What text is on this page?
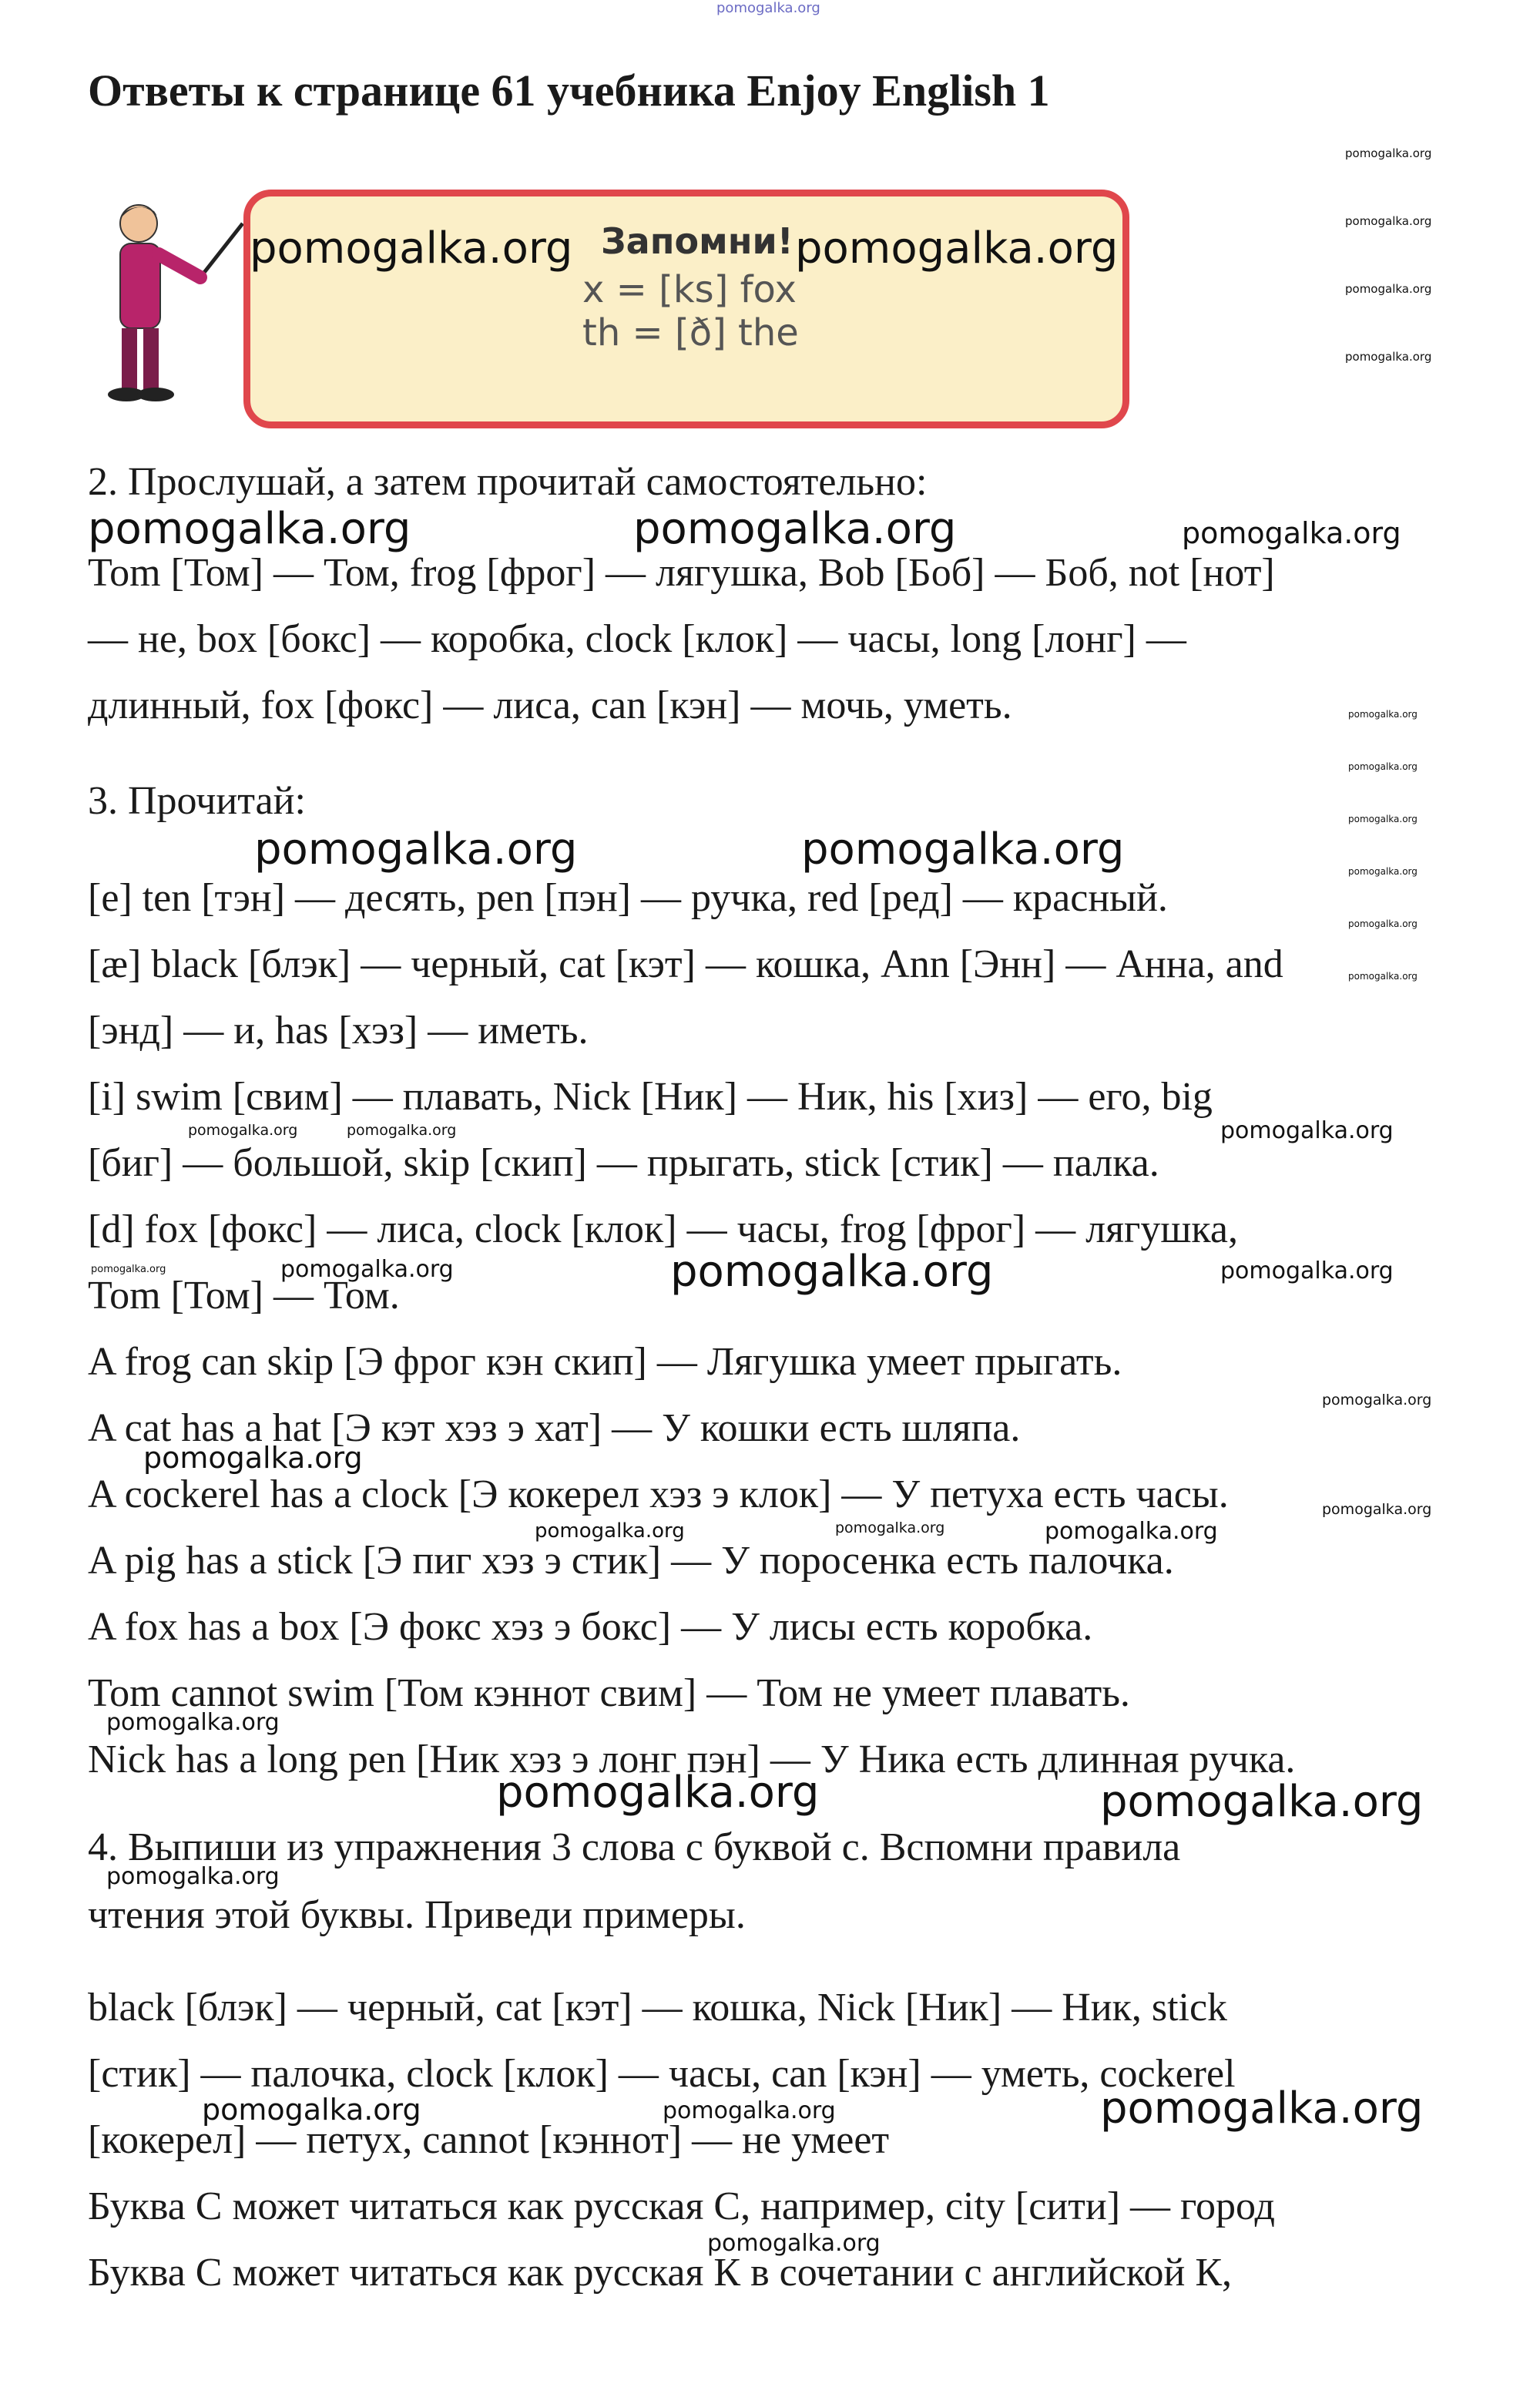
pomogalka.org
Ответы к странице 61 учебника Enjoy English 1
Запомни!
x = [ks] fox
th = [ð] the
pomogalka.org	pomogalka.org
pomogalka.org
pomogalka.org
pomogalka.org
pomogalka.org
2. Прослушай, а затем прочитай самостоятельно:
pomogalka.org	pomogalka.org	pomogalka.org
Tom [Том] — Том, frog [фрог] — лягушка, Bob [Боб] — Боб, not [нот]
— не, box [бокс] — коробка, clock [клок] — часы, long [лонг] —
длинный, fox [фокс] — лиса, can [кэн] — мочь, уметь.	pomogalka.org
pomogalka.org
pomogalka.org
pomogalka.org
pomogalka.org
pomogalka.org
3. Прочитай:
pomogalka.org	pomogalka.org
[e] ten [тэн] — десять, pen [пэн] — ручка, red [ред] — красный.
[æ] black [блэк] — черный, cat [кэт] — кошка, Ann [Энн] — Анна, and
[энд] — и, has [хэз] — иметь.
[i] swim [свим] — плавать, Nick [Ник] — Ник, his [хиз] — его, big
pomogalka.org	pomogalka.org	pomogalka.org
[биг] — большой, skip [скип] — прыгать, stick [стик] — палка.
[d] fox [фокс] — лиса, clock [клок] — часы, frog [фрог] — лягушка,
pomogalka.org	pomogalka.org	pomogalka.org	pomogalka.org
Tom [Том] — Том.
A frog can skip [Э фрог кэн скип] — Лягушка умеет прыгать.
pomogalka.org
A cat has a hat [Э кэт хэз э хат] — У кошки есть шляпа.
pomogalka.org
A cockerel has a clock [Э кокерел хэз э клок] — У петуха есть часы.	pomogalka.org
pomogalka.org	pomogalka.org	pomogalka.org
A pig has a stick [Э пиг хэз э стик] — У поросенка есть палочка.
A fox has a box [Э фокс хэз э бокс] — У лисы есть коробка.
Tom cannot swim [Том кэннот свим] — Том не умеет плавать.
pomogalka.org
Nick has a long pen [Ник хэз э лонг пэн] — У Ника есть длинная ручка.
pomogalka.org	pomogalka.org
4. Выпиши из упражнения 3 слова с буквой c. Вспомни правила
pomogalka.org
чтения этой буквы. Приведи примеры.
black [блэк] — черный, cat [кэт] — кошка, Nick [Ник] — Ник, stick
[стик] — палочка, clock [клок] — часы, can [кэн] — уметь, cockerel
pomogalka.org	pomogalka.org	pomogalka.org
[кокерел] — петух, cannot [кэннот] — не умеет
Буква С может читаться как русская С, например, city [сити] — город
pomogalka.org
Буква С может читаться как русская К в сочетании с английской К,
